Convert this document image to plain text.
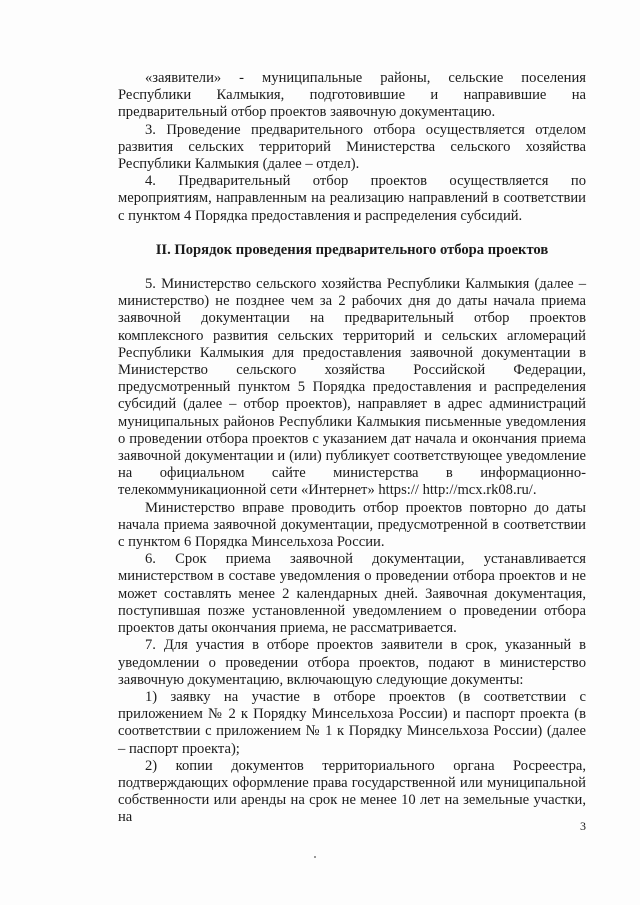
«заявители» - муниципальные районы, сельские поселения Республики Калмыкия, подготовившие и направившие на предварительный отбор проектов заявочную документацию.

3. Проведение предварительного отбора осуществляется отделом развития сельских территорий Министерства сельского хозяйства Республики Калмыкия (далее – отдел).

4. Предварительный отбор проектов осуществляется по мероприятиям, направленным на реализацию направлений в соответствии с пунктом 4 Порядка предоставления и распределения субсидий.

II. Порядок проведения предварительного отбора проектов

5. Министерство сельского хозяйства Республики Калмыкия (далее – министерство) не позднее чем за 2 рабочих дня до даты начала приема заявочной документации на предварительный отбор проектов комплексного развития сельских территорий и сельских агломераций Республики Калмыкия для предоставления заявочной документации в Министерство сельского хозяйства Российской Федерации, предусмотренный пунктом 5 Порядка предоставления и распределения субсидий (далее – отбор проектов), направляет в адрес администраций муниципальных районов Республики Калмыкия письменные уведомления о проведении отбора проектов с указанием дат начала и окончания приема заявочной документации и (или) публикует соответствующее уведомление на официальном сайте министерства в информационно-телекоммуникационной сети «Интернет» https:// http://mcx.rk08.ru/.

Министерство вправе проводить отбор проектов повторно до даты начала приема заявочной документации, предусмотренной в соответствии с пунктом 6 Порядка Минсельхоза России.

6. Срок приема заявочной документации, устанавливается министерством в составе уведомления о проведении отбора проектов и не может составлять менее 2 календарных дней. Заявочная документация, поступившая позже установленной уведомлением о проведении отбора проектов даты окончания приема, не рассматривается.

7. Для участия в отборе проектов заявители в срок, указанный в уведомлении о проведении отбора проектов, подают в министерство заявочную документацию, включающую следующие документы:

1) заявку на участие в отборе проектов (в соответствии с приложением № 2 к Порядку Минсельхоза России) и паспорт проекта (в соответствии с приложением № 1 к Порядку Минсельхоза России) (далее – паспорт проекта);

2) копии документов территориального органа Росреестра, подтверждающих оформление права государственной или муниципальной собственности или аренды на срок не менее 10 лет на земельные участки, на

3
